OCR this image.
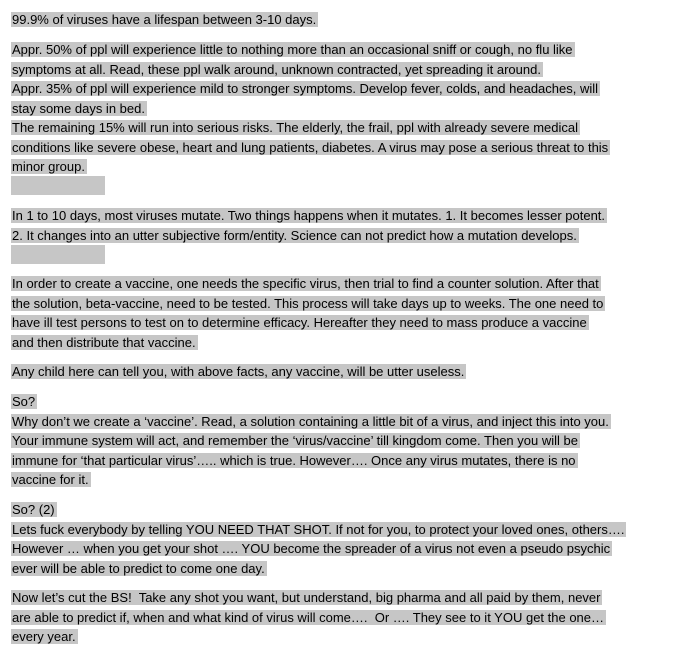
99.9% of viruses have a lifespan between 3-10 days.
Appr. 50% of ppl will experience little to nothing more than an occasional sniff or cough, no flu like
symptoms at all. Read, these ppl walk around, unknown contracted, yet spreading it around.
Appr. 35% of ppl will experience mild to stronger symptoms. Develop fever, colds, and headaches, will
stay some days in bed.
The remaining 15% will run into serious risks. The elderly, the frail, ppl with already severe medical
conditions like severe obese, heart and lung patients, diabetes. A virus may pose a serious threat to this
minor group.
In 1 to 10 days, most viruses mutate. Two things happens when it mutates. 1. It becomes lesser potent.
2. It changes into an utter subjective form/entity. Science can not predict how a mutation develops.
In order to create a vaccine, one needs the specific virus, then trial to find a counter solution. After that
the solution, beta-vaccine, need to be tested. This process will take days up to weeks. The one need to
have ill test persons to test on to determine efficacy. Hereafter they need to mass produce a vaccine
and then distribute that vaccine.
Any child here can tell you, with above facts, any vaccine, will be utter useless.
So?
Why don’t we create a ‘vaccine’. Read, a solution containing a little bit of a virus, and inject this into you.
Your immune system will act, and remember the ‘virus/vaccine’ till kingdom come. Then you will be
immune for ‘that particular virus’….. which is true. However…. Once any virus mutates, there is no
vaccine for it.
So? (2)
Lets fuck everybody by telling YOU NEED THAT SHOT. If not for you, to protect your loved ones, others….
However … when you get your shot …. YOU become the spreader of a virus not even a pseudo psychic
ever will be able to predict to come one day.
Now let’s cut the BS!  Take any shot you want, but understand, big pharma and all paid by them, never
are able to predict if, when and what kind of virus will come….  Or …. They see to it YOU get the one…
every year.
